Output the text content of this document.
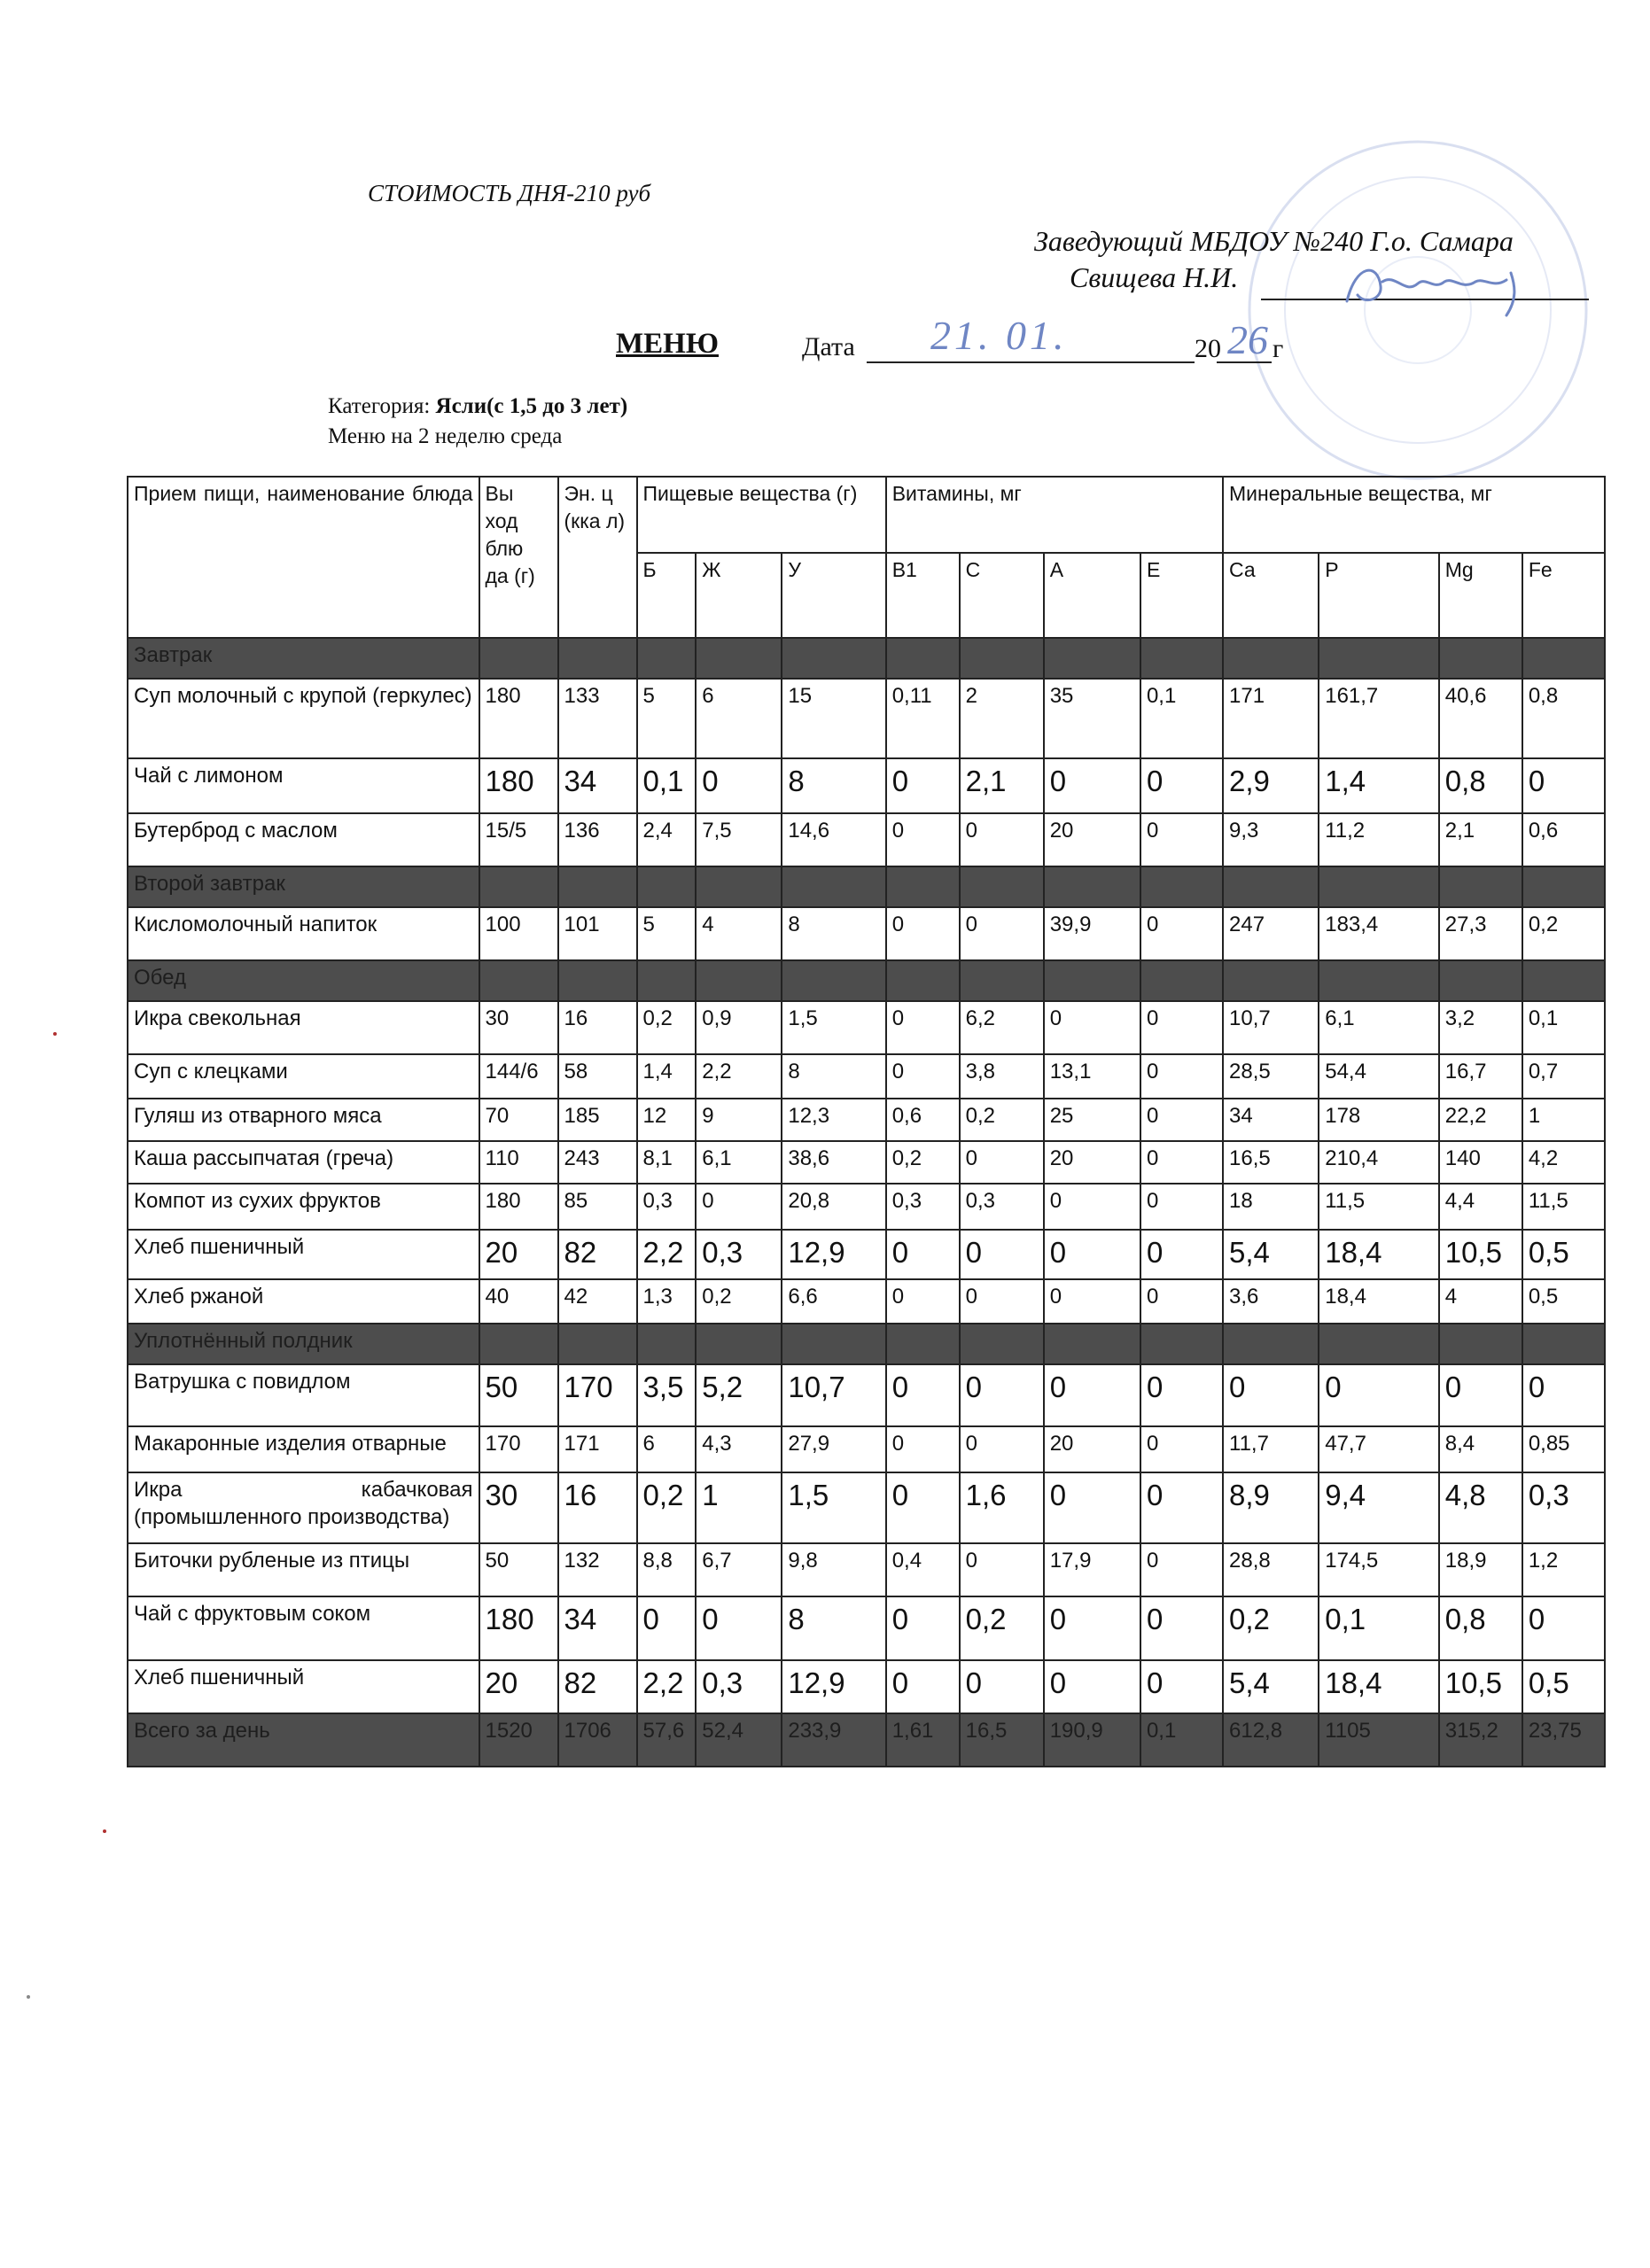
СТОИМОСТЬ ДНЯ-210 руб
Заведующий МБДОУ №240 Г.о. Самара
Свищева Н.И.
МЕНЮ	Дата 21. 01.	20 26 г
Категория: Ясли(с 1,5 до 3 лет)
Меню на 2 неделю среда
Прием пищи, наименование блюда	Вы ход блю да (г)	Эн. ц (кка л)	Пищевые вещества (г)			Витамины, мг				Минеральные вещества, мг			
			Б	Ж	У	В1	С	А	Е	Са	Р	Mg	Fe
Завтрак													
Суп молочный с крупой (геркулес)	180	133	5	6	15	0,11	2	35	0,1	171	161,7	40,6	0,8
Чай с лимоном	180	34	0,1	0	8	0	2,1	0	0	2,9	1,4	0,8	0
Бутерброд с маслом	15/5	136	2,4	7,5	14,6	0	0	20	0	9,3	11,2	2,1	0,6
Второй завтрак													
Кисломолочный напиток	100	101	5	4	8	0	0	39,9	0	247	183,4	27,3	0,2
Обед													
Икра свекольная	30	16	0,2	0,9	1,5	0	6,2	0	0	10,7	6,1	3,2	0,1
Суп с клецками	144/6	58	1,4	2,2	8	0	3,8	13,1	0	28,5	54,4	16,7	0,7
Гуляш из отварного мяса	70	185	12	9	12,3	0,6	0,2	25	0	34	178	22,2	1
Каша рассыпчатая (греча)	110	243	8,1	6,1	38,6	0,2	0	20	0	16,5	210,4	140	4,2
Компот из сухих фруктов	180	85	0,3	0	20,8	0,3	0,3	0	0	18	11,5	4,4	11,5
Хлеб пшеничный	20	82	2,2	0,3	12,9	0	0	0	0	5,4	18,4	10,5	0,5
Хлеб ржаной	40	42	1,3	0,2	6,6	0	0	0	0	3,6	18,4	4	0,5
Уплотнённый полдник													
Ватрушка с повидлом	50	170	3,5	5,2	10,7	0	0	0	0	0	0	0	0
Макаронные изделия отварные	170	171	6	4,3	27,9	0	0	20	0	11,7	47,7	8,4	0,85
Икра кабачковая (промышленного производства)	30	16	0,2	1	1,5	0	1,6	0	0	8,9	9,4	4,8	0,3
Биточки рубленые из птицы	50	132	8,8	6,7	9,8	0,4	0	17,9	0	28,8	174,5	18,9	1,2
Чай с фруктовым соком	180	34	0	0	8	0	0,2	0	0	0,2	0,1	0,8	0
Хлеб пшеничный	20	82	2,2	0,3	12,9	0	0	0	0	5,4	18,4	10,5	0,5
Всего за день	1520	1706	57,6	52,4	233,9	1,61	16,5	190,9	0,1	612,8	1105	315,2	23,75
